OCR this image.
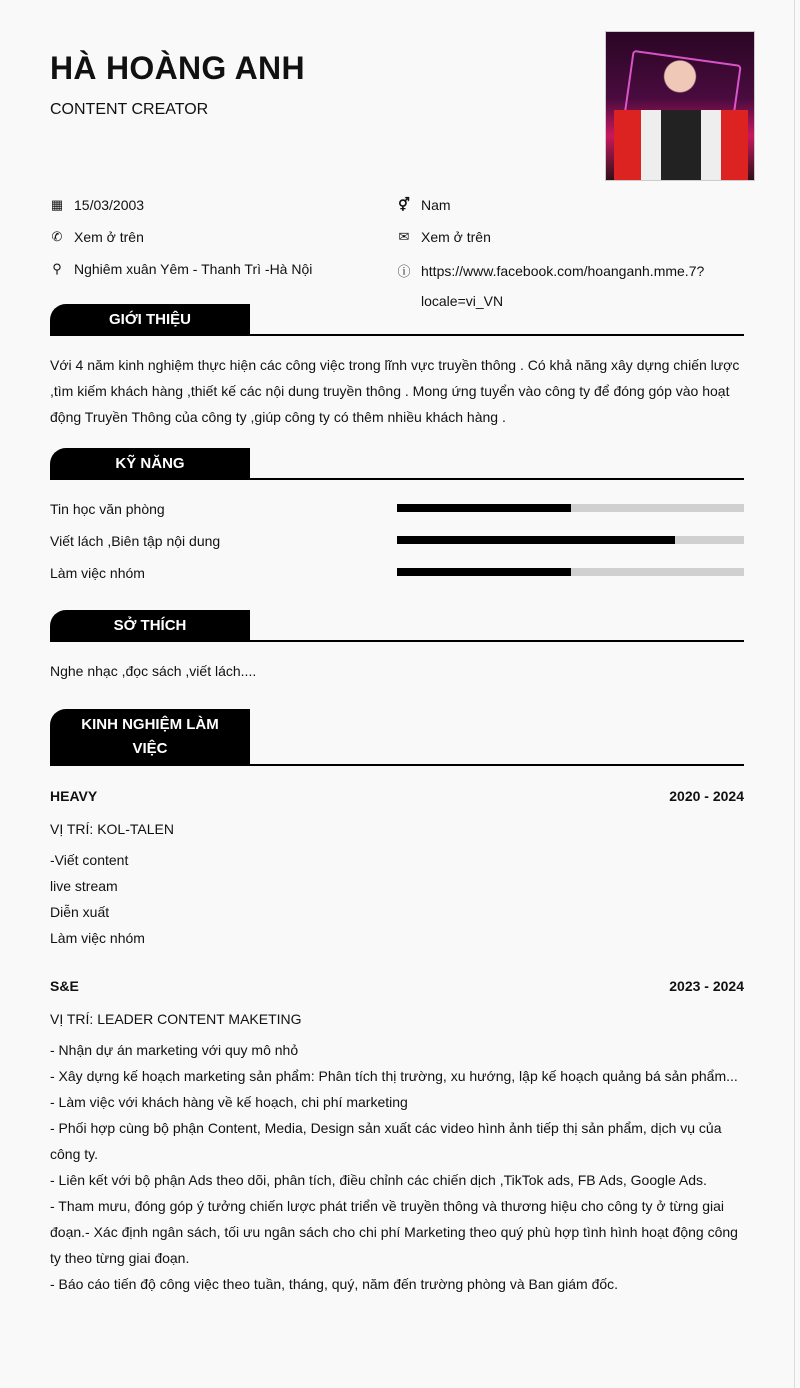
HÀ HOÀNG ANH
CONTENT CREATOR
▦ 15/03/2003
✆ Xem ở trên
⚲ Nghiêm xuân Yêm - Thanh Trì -Hà Nội
⚥ Nam
✉ Xem ở trên
ⓘ https://www.facebook.com/hoanganh.mme.7?
locale=vi_VN
GIỚI THIỆU
Với 4 năm kinh nghiệm thực hiện các công việc trong lĩnh vực truyền thông . Có khả năng xây dựng chiến lược ,tìm kiếm khách hàng ,thiết kế các nội dung truyền thông . Mong ứng tuyển vào công ty để đóng góp vào hoạt động Truyền Thông của công ty ,giúp công ty có thêm nhiều khách hàng .
KỸ NĂNG
Tin học văn phòng
Viết lách ,Biên tập nội dung
Làm việc nhóm
SỞ THÍCH
Nghe nhạc ,đọc sách ,viết lách....
KINH NGHIỆM LÀM VIỆC
HEAVY	2020 - 2024
VỊ TRÍ: KOL-TALEN
-Viết content
live stream
Diễn xuất
Làm việc nhóm
S&E	2023 - 2024
VỊ TRÍ: LEADER CONTENT MAKETING
- Nhận dự án marketing với quy mô nhỏ
- Xây dựng kế hoạch marketing sản phẩm: Phân tích thị trường, xu hướng, lập kế hoạch quảng bá sản phẩm...
- Làm việc với khách hàng về kế hoạch, chi phí marketing
- Phối hợp cùng bộ phận Content, Media, Design sản xuất các video hình ảnh tiếp thị sản phẩm, dịch vụ của công ty.
- Liên kết với bộ phận Ads theo dõi, phân tích, điều chỉnh các chiến dịch ,TikTok ads, FB Ads, Google Ads.
- Tham mưu, đóng góp ý tưởng chiến lược phát triển về truyền thông và thương hiệu cho công ty ở từng giai đoạn.- Xác định ngân sách, tối ưu ngân sách cho chi phí Marketing theo quý phù hợp tình hình hoạt động công ty theo từng giai đoạn.
- Báo cáo tiến độ công việc theo tuần, tháng, quý, năm đến trường phòng và Ban giám đốc.
